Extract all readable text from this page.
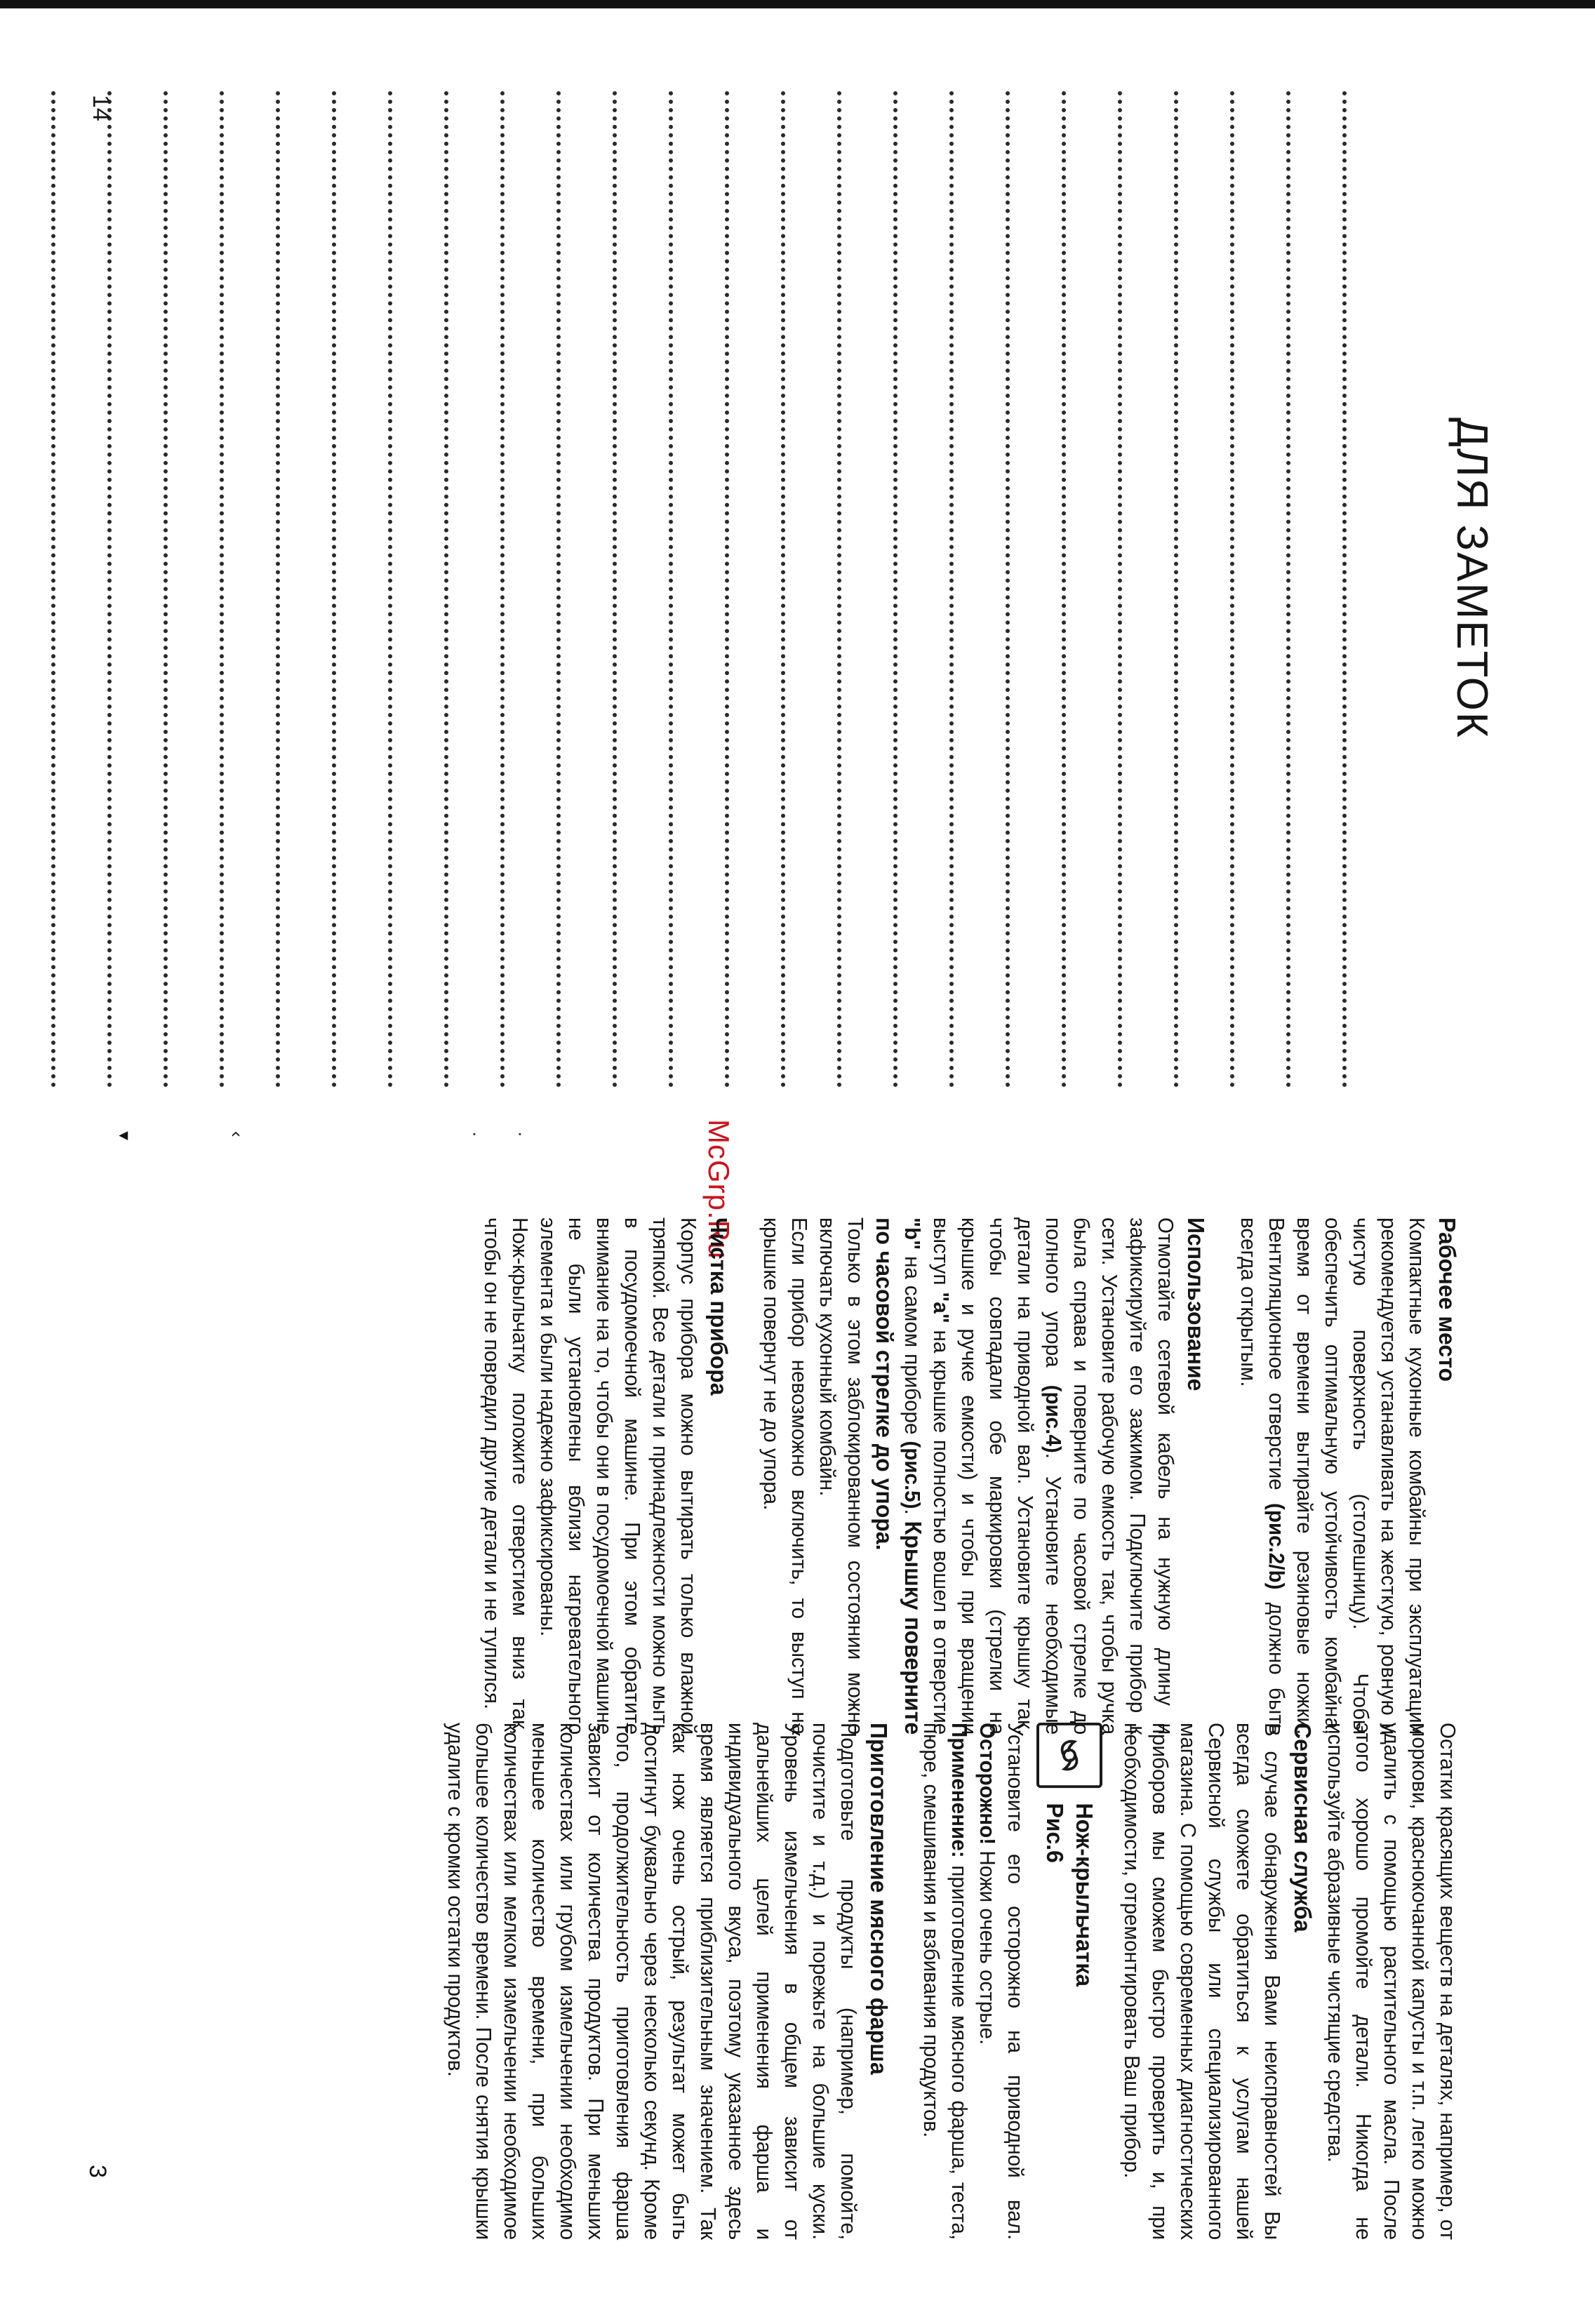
McGrp.Ru
ДЛЯ ЗАМЕТОК
14
▾	‹	· ·
Рабочее место

Компактные кухонные комбайны при эксплуатации рекомендуется устанавливать на жесткую, ровную и чистую поверхность (столешницу). Чтобы обеспечить оптимальную устойчивость комбайна, время от времени вытирайте резиновые ножки. Вентиляционное отверстие (рис.2/b) должно быть всегда открытым.

Использование

Отмотайте сетевой кабель на нужную длину и зафиксируйте его зажимом. Подключите прибор к сети. Установите рабочую емкость так, чтобы ручка была справа и поверните по часовой стрелке до полного упора (рис.4). Установите необходимые детали на приводной вал. Установите крышку так, чтобы совпадали обе маркировки (стрелки на крышке и ручке емкости) и чтобы при вращении выступ "a" на крышке полностью вошел в отверстие "b" на самом приборе (рис.5). Крышку поверните по часовой стрелке до упора.

Только в этом заблокированном состоянии можно включать кухонный комбайн.

Если прибор невозможно включить, то выступ на крышке повернут не до упора.

Чистка прибора

Корпус прибора можно вытирать только влажной тряпкой. Все детали и принадлежности можно мыть в посудомоечной машине. При этом обратите внимание на то, чтобы они в посудомоечной машине не были установлены вблизи нагревательного элемента и были надежно зафиксированы.

Нож-крыльчатку положите отверстием вниз так, чтобы он не повредил другие детали и не тупился.

Остатки красящих веществ на деталях, например, от моркови, краснокочанной капусты и т.п. легко можно удалить с помощью растительного масла. После этого хорошо промойте детали. Никогда не используйте абразивные чистящие средства.

Сервисная служба

В случае обнаружения Вами неисправностей Вы всегда сможете обратиться к услугам нашей Сервисной службы или специализированного магазина. С помощью современных диагностических приборов мы сможем быстро проверить и, при необходимости, отремонтировать Ваш прибор.

Нож-крыльчатка
Рис.6

Установите его осторожно на приводной вал. Осторожно! Ножи очень острые.

Применение: приготовление мясного фарша, теста, пюре, смешивания и взбивания продуктов.

Приготовление мясного фарша

Подготовьте продукты (например, помойте, почистите и т.д.) и порежьте на большие куски. Уровень измельчения в общем зависит от дальнейших целей применения фарша и индивидуального вкуса, поэтому указанное здесь время является приблизительным значением. Так как нож очень острый, результат может быть достигнут буквально через несколько секунд. Кроме того, продолжительность приготовления фарша зависит от количества продуктов. При меньших количествах или грубом измельчении необходимо меньшее количество времени, при больших количествах или мелком измельчении необходимое большее количество времени. После снятия крышки удалите с кромки остатки продуктов.

3
